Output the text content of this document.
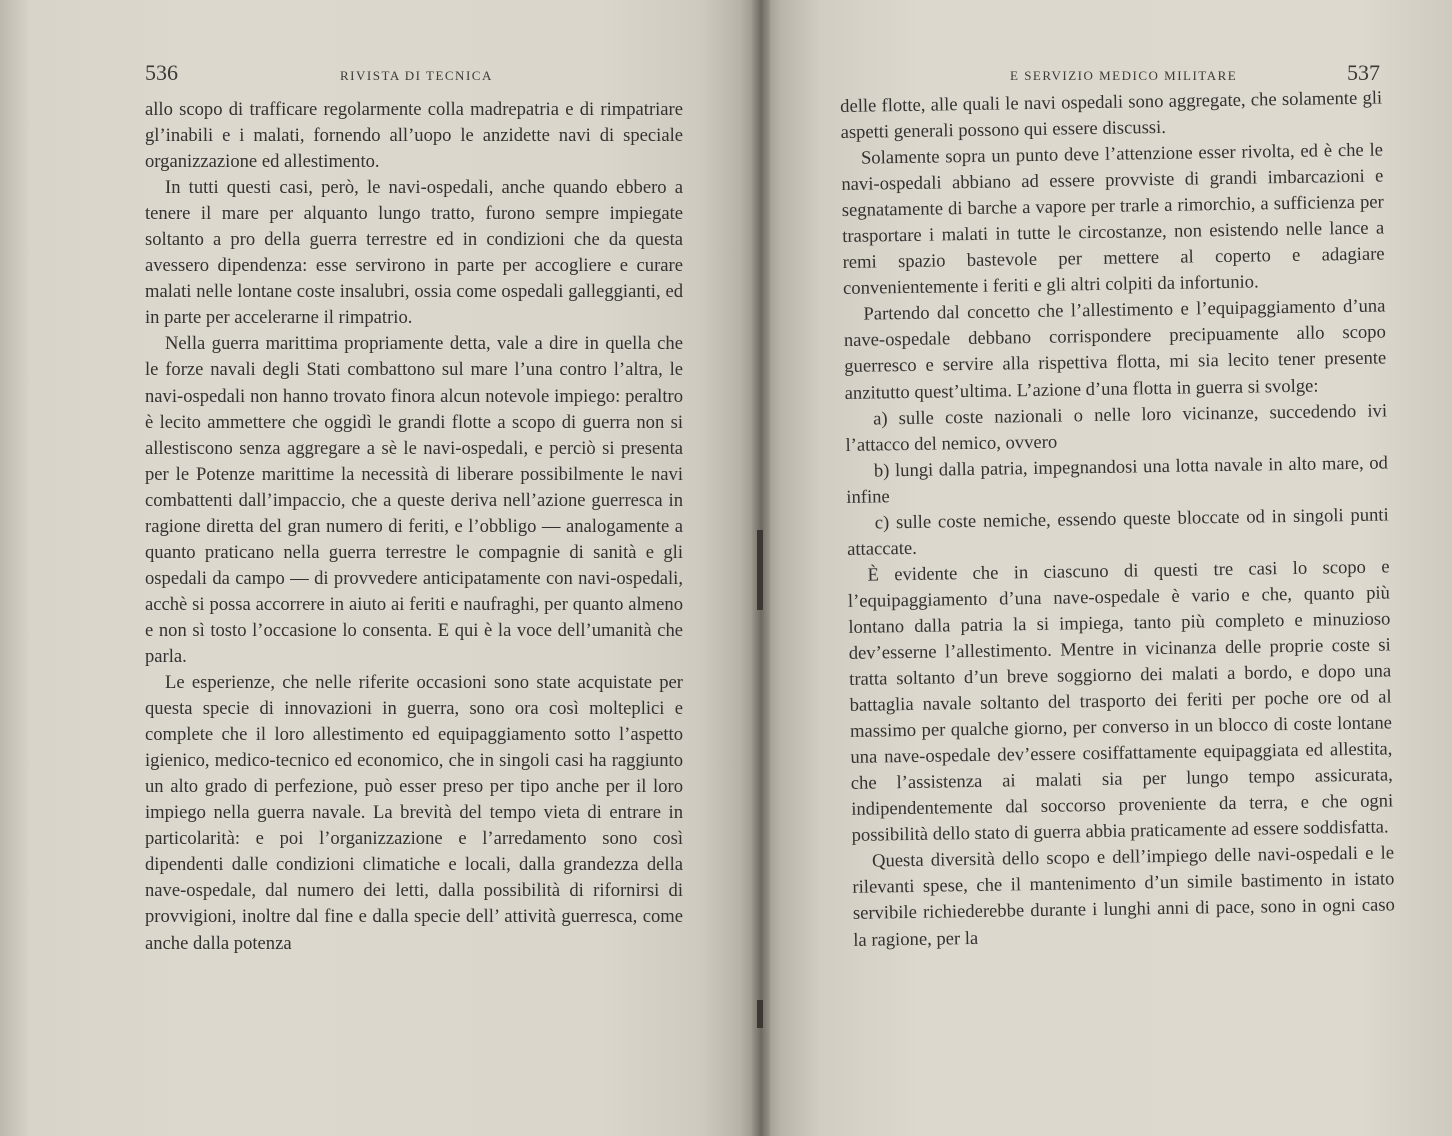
536	RIVISTA DI TECNICA

allo scopo di trafficare regolarmente colla madrepatria e di rimpatriare gl’inabili e i malati, fornendo all’uopo le anzidette navi di speciale organizzazione ed allestimento.

In tutti questi casi, però, le navi-ospedali, anche quando ebbero a tenere il mare per alquanto lungo tratto, furono sempre impiegate soltanto a pro della guerra terrestre ed in condizioni che da questa avessero dipendenza: esse servirono in parte per accogliere e curare malati nelle lontane coste insalubri, ossia come ospedali galleggianti, ed in parte per accelerarne il rimpatrio.

Nella guerra marittima propriamente detta, vale a dire in quella che le forze navali degli Stati combattono sul mare l’una contro l’altra, le navi-ospedali non hanno trovato finora alcun notevole impiego: peraltro è lecito ammettere che oggidì le grandi flotte a scopo di guerra non si allestiscono senza aggregare a sè le navi-ospedali, e perciò si presenta per le Potenze marittime la necessità di liberare possibilmente le navi combattenti dall’impaccio, che a queste deriva nell’azione guerresca in ragione diretta del gran numero di feriti, e l’obbligo — analogamente a quanto praticano nella guerra terrestre le compagnie di sanità e gli ospedali da campo — di provvedere anticipatamente con navi-ospedali, acchè si possa accorrere in aiuto ai feriti e naufraghi, per quanto almeno e non sì tosto l’occasione lo consenta. E qui è la voce dell’umanità che parla.

Le esperienze, che nelle riferite occasioni sono state acquistate per questa specie di innovazioni in guerra, sono ora così molteplici e complete che il loro allestimento ed equipaggiamento sotto l’aspetto igienico, medico-tecnico ed economico, che in singoli casi ha raggiunto un alto grado di perfezione, può esser preso per tipo anche per il loro impiego nella guerra navale. La brevità del tempo vieta di entrare in particolarità: e poi l’organizzazione e l’arredamento sono così dipendenti dalle condizioni climatiche e locali, dalla grandezza della nave-ospedale, dal numero dei letti, dalla possibilità di rifornirsi di provvigioni, inoltre dal fine e dalla specie dell’ attività guerresca, come anche dalla potenza

E SERVIZIO MEDICO MILITARE	537

delle flotte, alle quali le navi ospedali sono aggregate, che solamente gli aspetti generali possono qui essere discussi.

Solamente sopra un punto deve l’attenzione esser rivolta, ed è che le navi-ospedali abbiano ad essere provviste di grandi imbarcazioni e segnatamente di barche a vapore per trarle a rimorchio, a sufficienza per trasportare i malati in tutte le circostanze, non esistendo nelle lance a remi spazio bastevole per mettere al coperto e adagiare convenientemente i feriti e gli altri colpiti da infortunio.

Partendo dal concetto che l’allestimento e l’equipaggiamento d’una nave-ospedale debbano corrispondere precipuamente allo scopo guerresco e servire alla rispettiva flotta, mi sia lecito tener presente anzitutto quest’ultima. L’azione d’una flotta in guerra si svolge:

a) sulle coste nazionali o nelle loro vicinanze, succedendo ivi l’attacco del nemico, ovvero

b) lungi dalla patria, impegnandosi una lotta navale in alto mare, od infine

c) sulle coste nemiche, essendo queste bloccate od in singoli punti attaccate.

È evidente che in ciascuno di questi tre casi lo scopo e l’equipaggiamento d’una nave-ospedale è vario e che, quanto più lontano dalla patria la si impiega, tanto più completo e minuzioso dev’esserne l’allestimento. Mentre in vicinanza delle proprie coste si tratta soltanto d’un breve soggiorno dei malati a bordo, e dopo una battaglia navale soltanto del trasporto dei feriti per poche ore od al massimo per qualche giorno, per converso in un blocco di coste lontane una nave-ospedale dev’essere cosiffattamente equipaggiata ed allestita, che l’assistenza ai malati sia per lungo tempo assicurata, indipendentemente dal soccorso proveniente da terra, e che ogni possibilità dello stato di guerra abbia praticamente ad essere soddisfatta.

Questa diversità dello scopo e dell’impiego delle navi-ospedali e le rilevanti spese, che il mantenimento d’un simile bastimento in istato servibile richiederebbe durante i lunghi anni di pace, sono in ogni caso la ragione, per la
